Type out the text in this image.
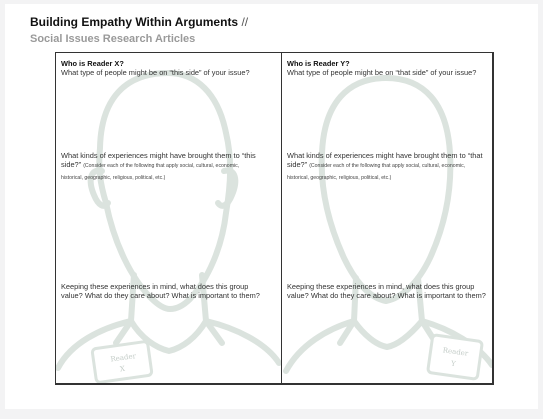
Building Empathy Within Arguments //
Social Issues Research Articles
Reader
X
Who is Reader X?
What type of people might be on “this side” of your issue?
What kinds of experiences might have brought them to “this side?” (Consider each of the following that apply social, cultural, economic, historical, geographic, religious, political, etc.)
Keeping these experiences in mind, what does this group value? What do they care about? What is important to them?
Reader
Y
Who is Reader Y?
What type of people might be on “that side” of your issue?
What kinds of experiences might have brought them to “that side?” (Consider each of the following that apply social, cultural, economic, historical, geographic, religious, political, etc.)
Keeping these experiences in mind, what does this group value? What do they care about? What is important to them?
